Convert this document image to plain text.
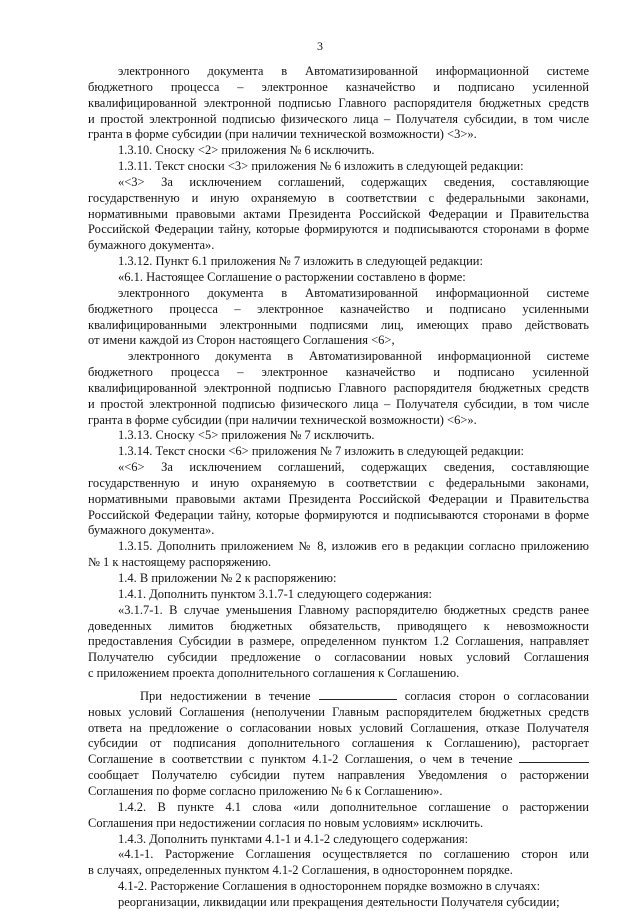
3
электронного документа в Автоматизированной информационной системе
бюджетного процесса – электронное казначейство и подписано усиленной
квалифицированной электронной подписью Главного распорядителя бюджетных средств
и простой электронной подписью физического лица – Получателя субсидии, в том числе
гранта в форме субсидии (при наличии технической возможности) <3>».
1.3.10. Сноску <2> приложения № 6 исключить.
1.3.11. Текст сноски <3> приложения № 6 изложить в следующей редакции:
«<3> За исключением соглашений, содержащих сведения, составляющие
государственную и иную охраняемую в соответствии с федеральными законами,
нормативными правовыми актами Президента Российской Федерации и Правительства
Российской Федерации тайну, которые формируются и подписываются сторонами в форме
бумажного документа».
1.3.12. Пункт 6.1 приложения № 7 изложить в следующей редакции:
«6.1. Настоящее Соглашение о расторжении составлено в форме:
электронного документа в Автоматизированной информационной системе
бюджетного процесса – электронное казначейство и подписано усиленными
квалифицированными электронными подписями лиц, имеющих право действовать
от имени каждой из Сторон настоящего Соглашения <6>,
электронного документа в Автоматизированной информационной системе
бюджетного процесса – электронное казначейство и подписано усиленной
квалифицированной электронной подписью Главного распорядителя бюджетных средств
и простой электронной подписью физического лица – Получателя субсидии, в том числе
гранта в форме субсидии (при наличии технической возможности) <6>».
1.3.13. Сноску <5> приложения № 7 исключить.
1.3.14. Текст сноски <6> приложения № 7 изложить в следующей редакции:
«<6> За исключением соглашений, содержащих сведения, составляющие
государственную и иную охраняемую в соответствии с федеральными законами,
нормативными правовыми актами Президента Российской Федерации и Правительства
Российской Федерации тайну, которые формируются и подписываются сторонами в форме
бумажного документа».
1.3.15. Дополнить приложением № 8, изложив его в редакции согласно приложению
№ 1 к настоящему распоряжению.
1.4. В приложении № 2 к распоряжению:
1.4.1. Дополнить пунктом 3.1.7-1 следующего содержания:
«3.1.7-1. В случае уменьшения Главному распорядителю бюджетных средств ранее
доведенных лимитов бюджетных обязательств, приводящего к невозможности
предоставления Субсидии в размере, определенном пунктом 1.2 Соглашения, направляет
Получателю субсидии предложение о согласовании новых условий Соглашения
с приложением проекта дополнительного соглашения к Соглашению.
При недостижении в течение	согласия сторон о согласовании
новых условий Соглашения (неполучении Главным распорядителем бюджетных средств
ответа на предложение о согласовании новых условий Соглашения, отказе Получателя
субсидии от подписания дополнительного соглашения к Соглашению), расторгает
Соглашение в соответствии с пунктом 4.1-2 Соглашения, о чем в течение
сообщает Получателю субсидии путем направления Уведомления о расторжении
Соглашения по форме согласно приложению № 6 к Соглашению».
1.4.2. В пункте 4.1 слова «или дополнительное соглашение о расторжении
Соглашения при недостижении согласия по новым условиям» исключить.
1.4.3. Дополнить пунктами 4.1-1 и 4.1-2 следующего содержания:
«4.1-1. Расторжение Соглашения осуществляется по соглашению сторон или
в случаях, определенных пунктом 4.1-2 Соглашения, в одностороннем порядке.
4.1-2. Расторжение Соглашения в одностороннем порядке возможно в случаях:
реорганизации, ликвидации или прекращения деятельности Получателя субсидии;
